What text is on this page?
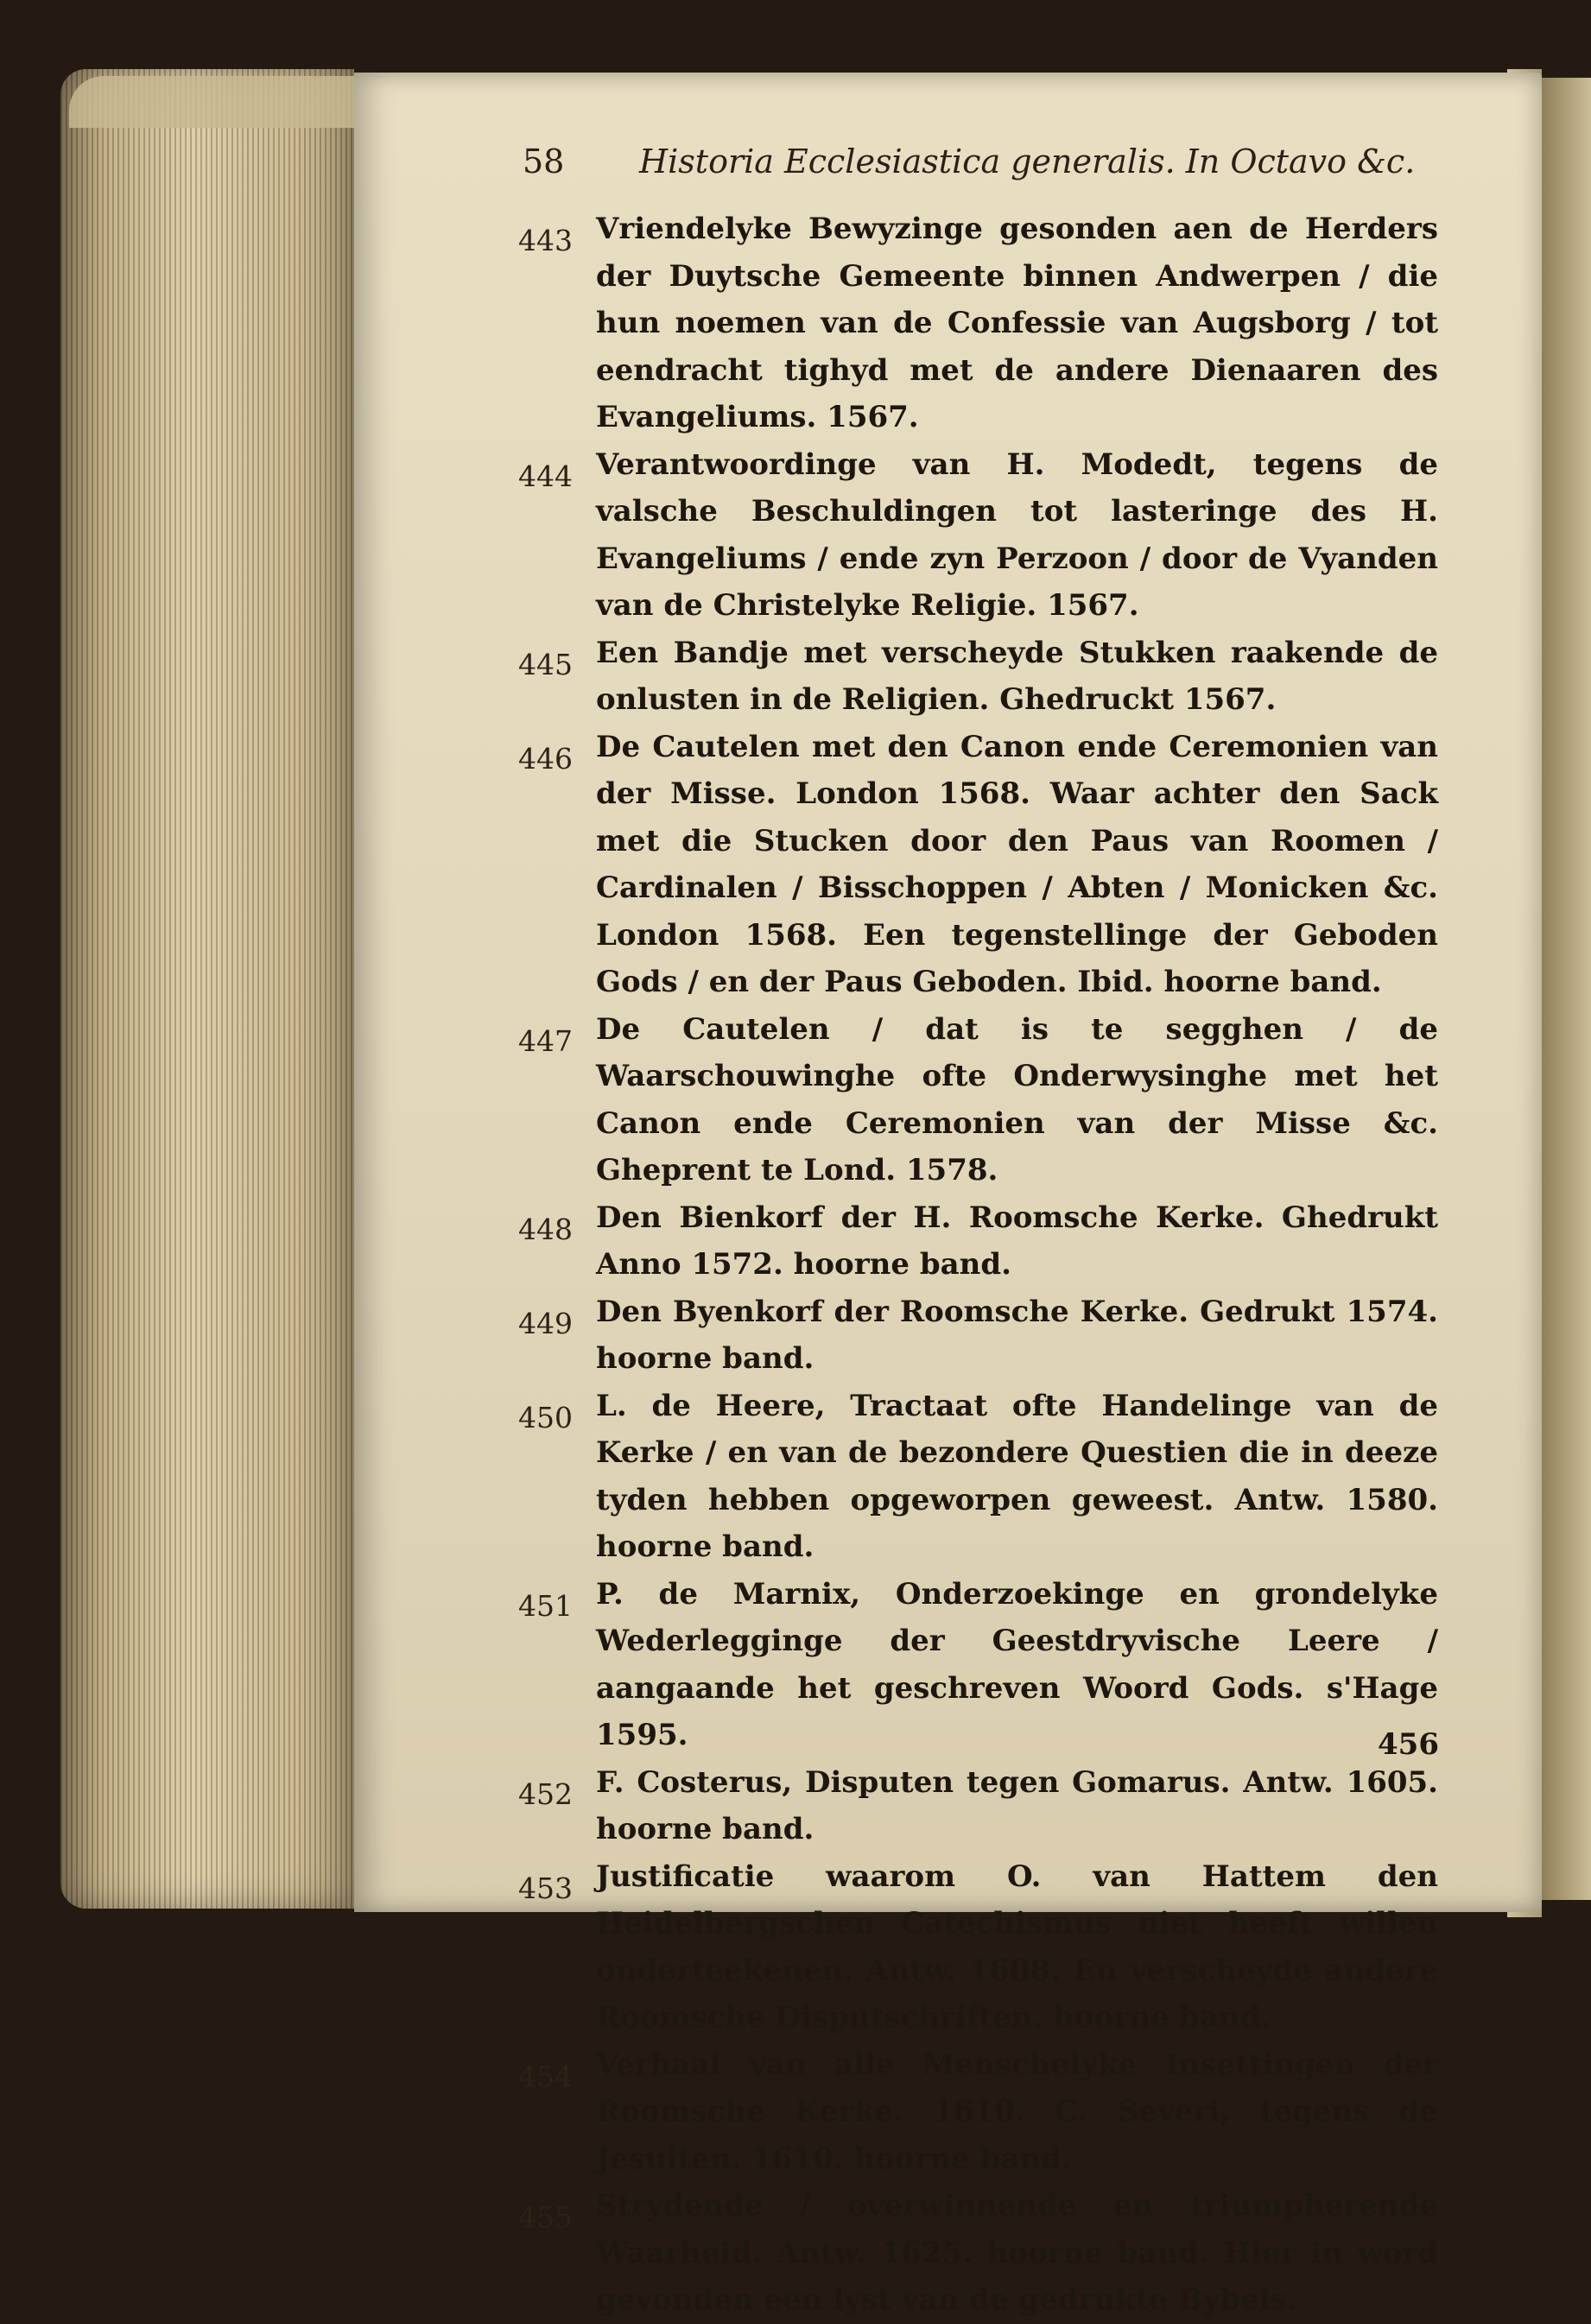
58 Historia Ecclesiastica generalis. In Octavo &c.
443 Vriendelyke Bewyzinge gesonden aen de Herders der Duytsche Gemeente binnen Andwerpen / die hun noemen van de Confessie van Augsborg / tot eendracht tighyd met de andere Dienaaren des Evangeliums. 1567.
444 Verantwoordinge van H. Modedt, tegens de valsche Beschuldingen tot lasteringe des H. Evangeliums / ende zyn Perzoon / door de Vyanden van de Christelyke Religie. 1567.
445 Een Bandje met verscheyde Stukken raakende de onlusten in de Religien. Ghedruckt 1567.
446 De Cautelen met den Canon ende Ceremonien van der Misse. London 1568. Waar achter den Sack met die Stucken door den Paus van Roomen / Cardinalen / Bisschoppen / Abten / Monicken &c. London 1568. Een tegenstellinge der Geboden Gods / en der Paus Geboden. Ibid. hoorne band.
447 De Cautelen / dat is te segghen / de Waarschouwinghe ofte Onderwysinghe met het Canon ende Ceremonien van der Misse &c. Gheprent te Lond. 1578.
448 Den Bienkorf der H. Roomsche Kerke. Ghedrukt Anno 1572. hoorne band.
449 Den Byenkorf der Roomsche Kerke. Gedrukt 1574. hoorne band.
450 L. de Heere, Tractaat ofte Handelinge van de Kerke / en van de bezondere Questien die in deeze tyden hebben opgeworpen geweest. Antw. 1580. hoorne band.
451 P. de Marnix, Onderzoekinge en grondelyke Wederleggingе der Geestdryvische Leere / aangaande het geschreven Woord Gods. s'Hage 1595.
452 F. Costerus, Disputen tegen Gomarus. Antw. 1605. hoorne band.
453 Justificatie waarom O. van Hattem den Heidelbergschen Catechismus niet heeft willen onderteekenen. Antw. 1608. En verscheyde andere Roomsche Disputschriften. hoorne band.
454 Verhaal van alle Menschelyke Insettingen der Roomsche Kerke. 1610. C. Severi, tegens de Jesuiten. 1610. hoorne band.
455 Strydende / overwinnende en triumpherende Waarheid. Antw. 1625. hoorne band. Hier in word gevonden een lyst van de gedrukte Bybels.
456
